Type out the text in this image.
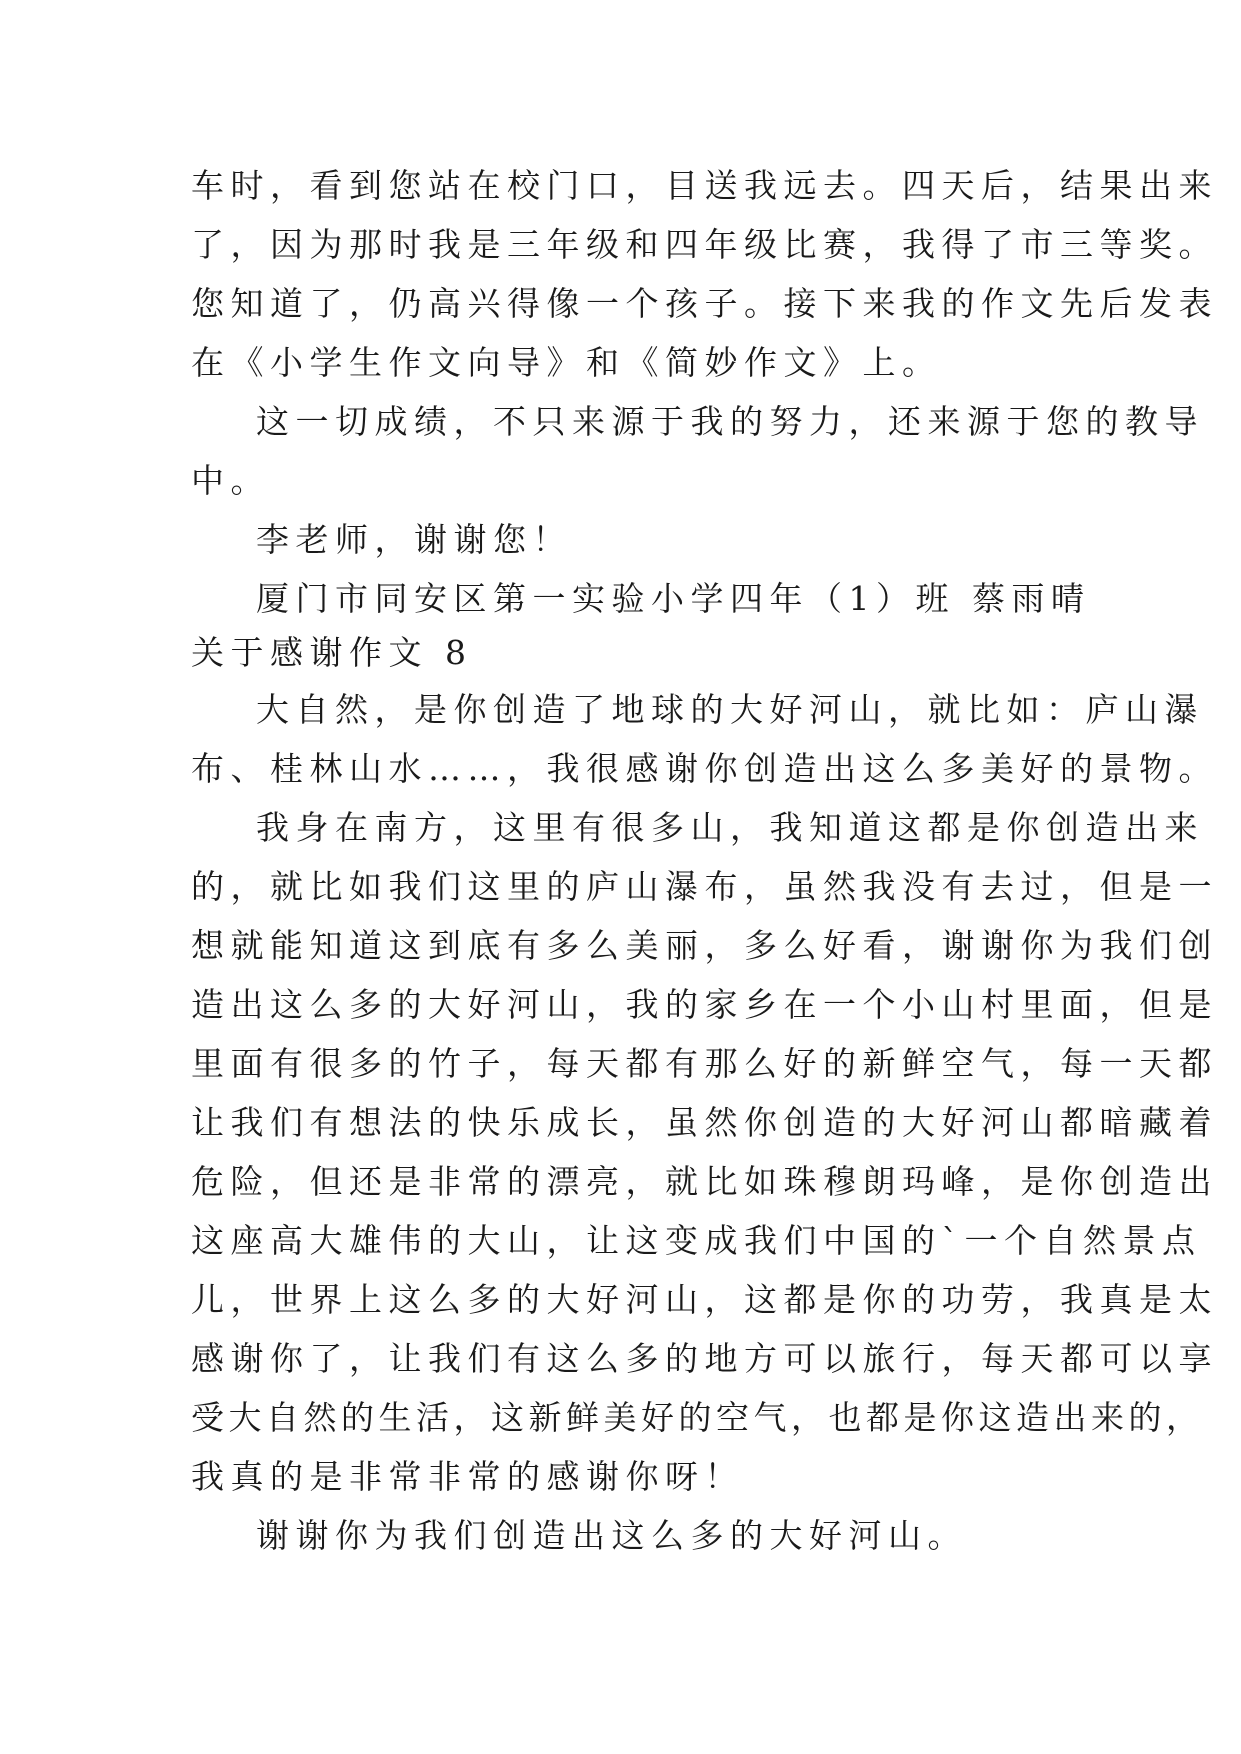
车时，看到您站在校门口，目送我远去。四天后，结果出来
了，因为那时我是三年级和四年级比赛，我得了市三等奖。
您知道了，仍高兴得像一个孩子。接下来我的作文先后发表
在《小学生作文向导》和《简妙作文》上。
这一切成绩，不只来源于我的努力，还来源于您的教导
中。
李老师，谢谢您！
厦门市同安区第一实验小学四年（1）班 蔡雨晴
关于感谢作文 8
大自然，是你创造了地球的大好河山，就比如：庐山瀑
布、桂林山水……，我很感谢你创造出这么多美好的景物。
我身在南方，这里有很多山，我知道这都是你创造出来
的，就比如我们这里的庐山瀑布，虽然我没有去过，但是一
想就能知道这到底有多么美丽，多么好看，谢谢你为我们创
造出这么多的大好河山，我的家乡在一个小山村里面，但是
里面有很多的竹子，每天都有那么好的新鲜空气，每一天都
让我们有想法的快乐成长，虽然你创造的大好河山都暗藏着
危险，但还是非常的漂亮，就比如珠穆朗玛峰，是你创造出
这座高大雄伟的大山，让这变成我们中国的`一个自然景点
儿，世界上这么多的大好河山，这都是你的功劳，我真是太
感谢你了，让我们有这么多的地方可以旅行，每天都可以享
受大自然的生活，这新鲜美好的空气，也都是你这造出来的，
我真的是非常非常的感谢你呀！
谢谢你为我们创造出这么多的大好河山。
